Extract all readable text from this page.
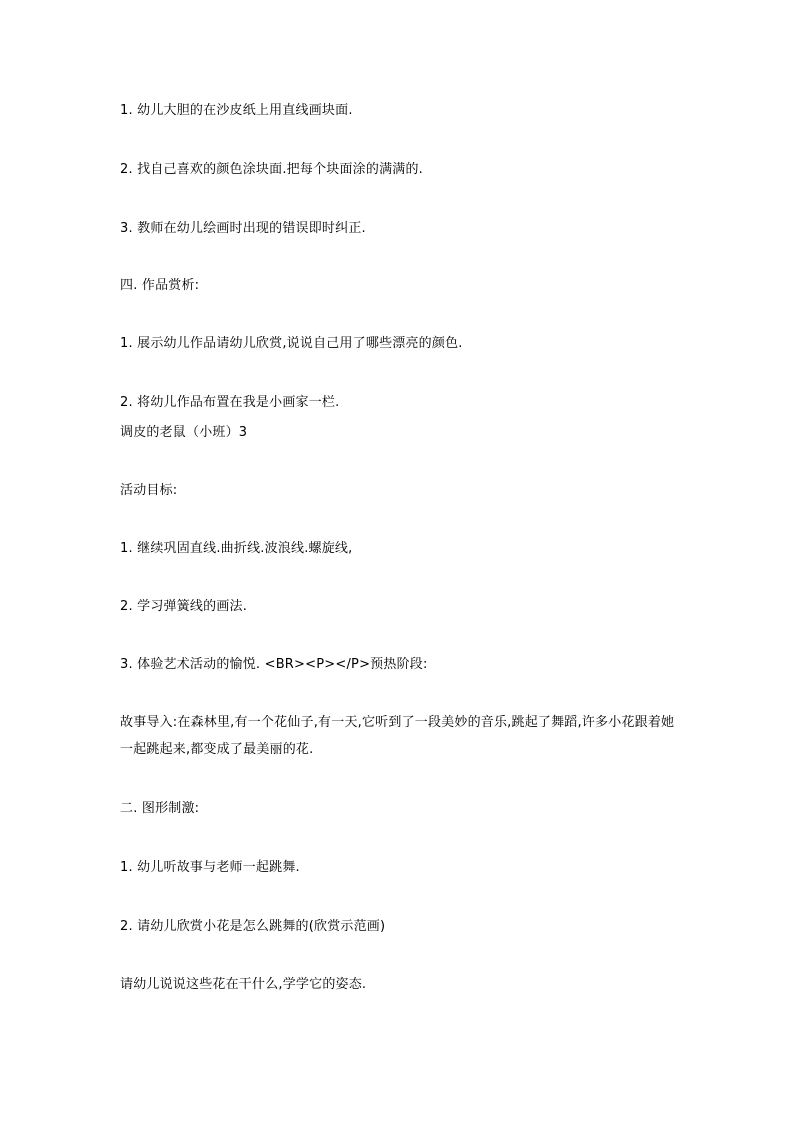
1. 幼儿大胆的在沙皮纸上用直线画块面.
2. 找自己喜欢的颜色涂块面.把每个块面涂的满满的.
3. 教师在幼儿绘画时出现的错误即时纠正.
四. 作品赏析:
1. 展示幼儿作品请幼儿欣赏,说说自己用了哪些漂亮的颜色.
2. 将幼儿作品布置在我是小画家一栏.
调皮的老鼠（小班）3
活动目标:
1. 继续巩固直线.曲折线.波浪线.螺旋线,
2. 学习弹簧线的画法.
3. 体验艺术活动的愉悦. <BR><P></P>预热阶段:
故事导入:在森林里,有一个花仙子,有一天,它听到了一段美妙的音乐,跳起了舞蹈,许多小花跟着她一起跳起来,都变成了最美丽的花.
二. 图形制激:
1. 幼儿听故事与老师一起跳舞.
2. 请幼儿欣赏小花是怎么跳舞的(欣赏示范画)
请幼儿说说这些花在干什么,学学它的姿态.
